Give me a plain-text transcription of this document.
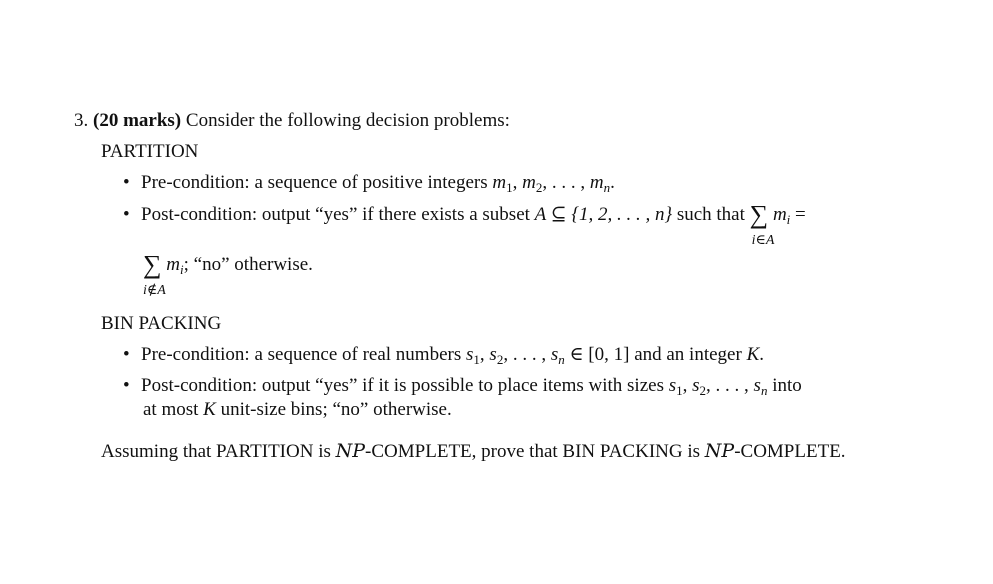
3. (20 marks) Consider the following decision problems:
PARTITION
• Pre-condition: a sequence of positive integers $m_1$, $m_2$, . . . , $m_n$.
• Post-condition: output “yes” if there exists a subset A ⊆ {1, 2, . . . , n} such that ∑
i∈A
$m_i$ =
∑
i∉A
$m_i$; “no” otherwise.
BIN PACKING
• Pre-condition: a sequence of real numbers $s_1$, $s_2$, . . . , $s_n$ ∈ [0, 1] and an integer K.
• Post-condition: output “yes” if it is possible to place items with sizes $s_1$, $s_2$, . . . , $s_n$ into
at most K unit-size bins; “no” otherwise.
Assuming that PARTITION is NP-COMPLETE, prove that BIN PACKING is NP-COMPLETE.
